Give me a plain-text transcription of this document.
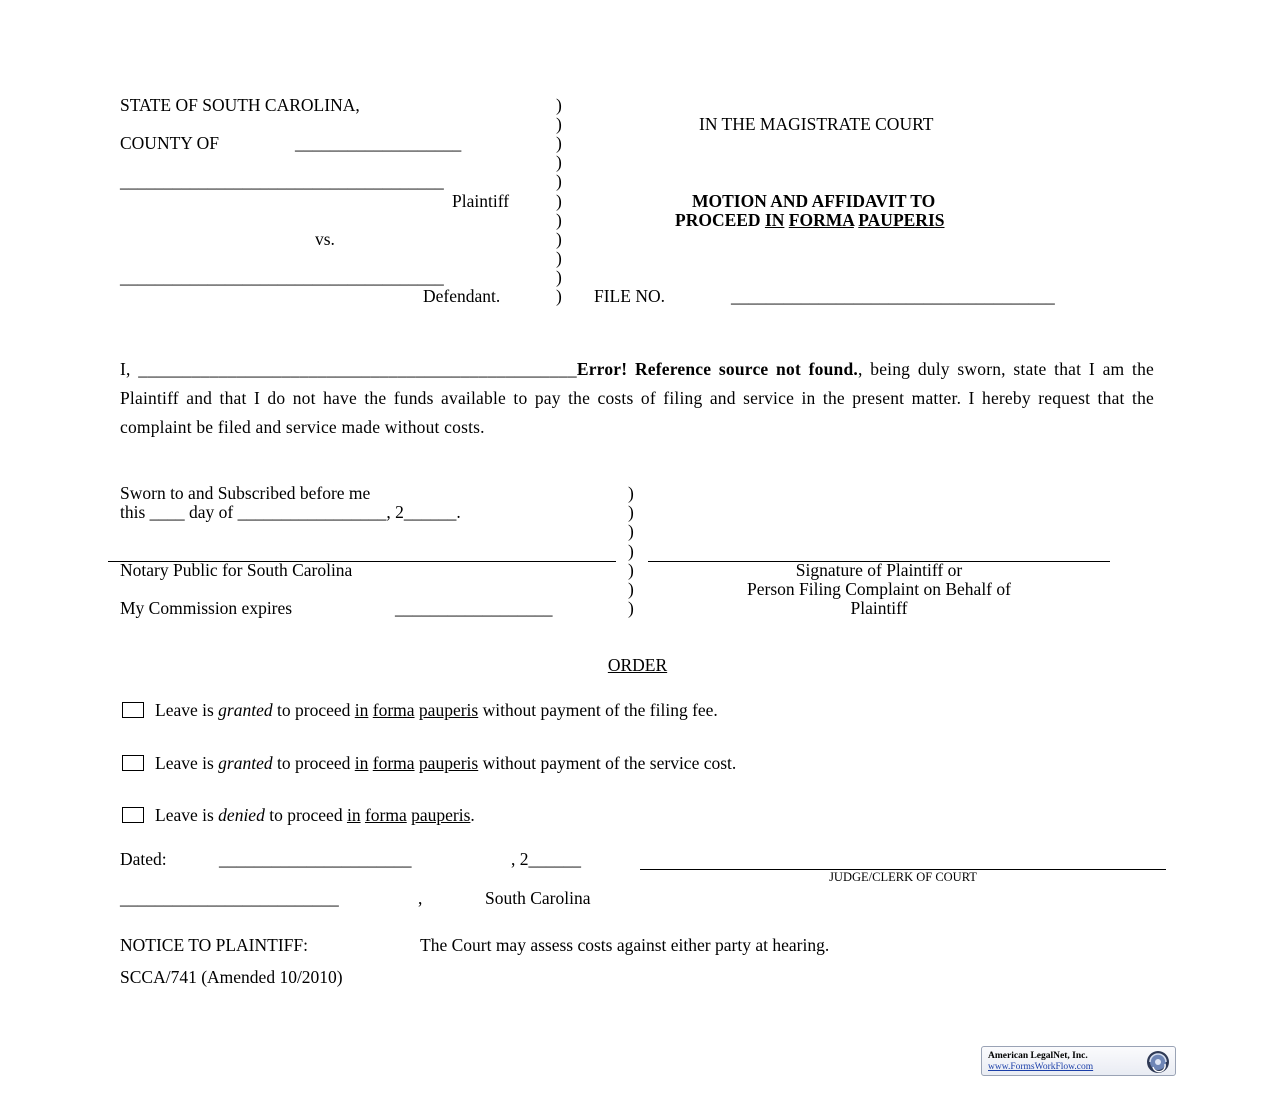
STATE OF SOUTH CAROLINA,
COUNTY OF	___________________
_____________________________________
Plaintiff
vs.
_____________________________________
Defendant.
)
)
)
)
)
)
)
)
)
)
)
IN THE MAGISTRATE COURT
MOTION AND AFFIDAVIT TO
PROCEED IN FORMA PAUPERIS
FILE NO.	_____________________________________
I, _________________________________________________Error! Reference source not found., being duly sworn, state that I am the Plaintiff and that I do not have the funds available to pay the costs of filing and service in the present matter. I hereby request that the complaint be filed and service made without costs.
Sworn to and Subscribed before me
this ____ day of _________________, 2______.
Notary Public for South Carolina
My Commission expires	__________________
)
)
)
)
)
)
)
Signature of Plaintiff or
Person Filing Complaint on Behalf of
Plaintiff
ORDER
Leave is granted to proceed in forma pauperis without payment of the filing fee.
Leave is granted to proceed in forma pauperis without payment of the service cost.
Leave is denied to proceed in forma pauperis.
Dated:	______________________	, 2______
JUDGE/CLERK OF COURT
_________________________	,	South Carolina
NOTICE TO PLAINTIFF:	The Court may assess costs against either party at hearing.
SCCA/741 (Amended 10/2010)
American LegalNet, Inc.
www.FormsWorkFlow.com
